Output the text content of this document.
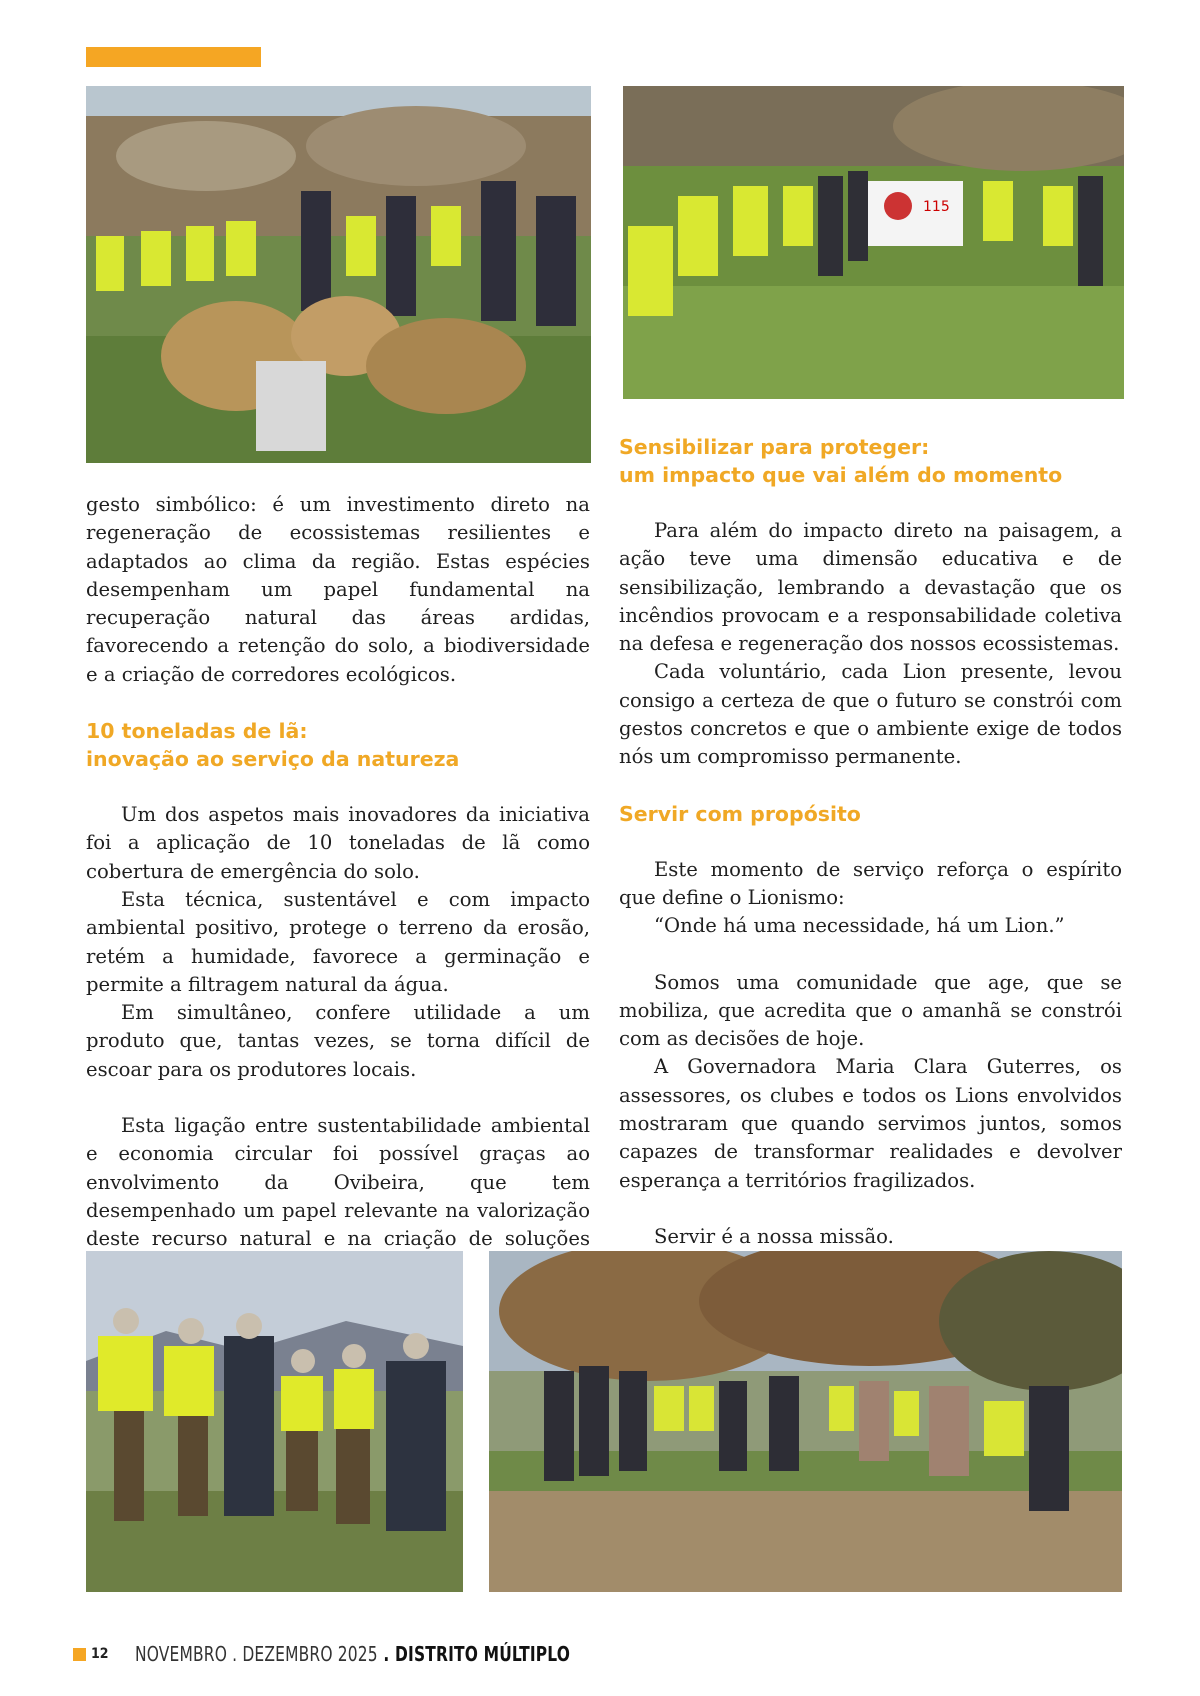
115

gesto simbólico: é um investimento direto na regeneração de ecossistemas resilientes e adaptados ao clima da região. Estas espécies desempenham um papel fundamental na recuperação natural das áreas ardidas, favorecendo a retenção do solo, a biodiversidade e a criação de corredores ecológicos.

10 toneladas de lã:
inovação ao serviço da natureza

Um dos aspetos mais inovadores da iniciativa foi a aplicação de 10 toneladas de lã como cobertura de emergência do solo.

Esta técnica, sustentável e com impacto ambiental positivo, protege o terreno da erosão, retém a humidade, favorece a germinação e permite a filtragem natural da água.

Em simultâneo, confere utilidade a um produto que, tantas vezes, se torna difícil de escoar para os produtores locais.

Esta ligação entre sustentabilidade ambiental e economia circular foi possível graças ao envolvimento da Ovibeira, que tem desempenhado um papel relevante na valorização deste recurso natural e na criação de soluções

Sensibilizar para proteger:
um impacto que vai além do momento

Para além do impacto direto na paisagem, a ação teve uma dimensão educativa e de sensibilização, lembrando a devastação que os incêndios provocam e a responsabilidade coletiva na defesa e regeneração dos nossos ecossistemas.

Cada voluntário, cada Lion presente, levou consigo a certeza de que o futuro se constrói com gestos concretos e que o ambiente exige de todos nós um compromisso permanente.

Servir com propósito

Este momento de serviço reforça o espírito que define o Lionismo:

“Onde há uma necessidade, há um Lion.”

Somos uma comunidade que age, que se mobiliza, que acredita que o amanhã se constrói com as decisões de hoje.

A Governadora Maria Clara Guterres, os assessores, os clubes e todos os Lions envolvidos mostraram que quando servimos juntos, somos capazes de transformar realidades e devolver esperança a territórios fragilizados.

Servir é a nossa missão.

12 NOVEMBRO . DEZEMBRO 2025 . DISTRITO MÚLTIPLO
